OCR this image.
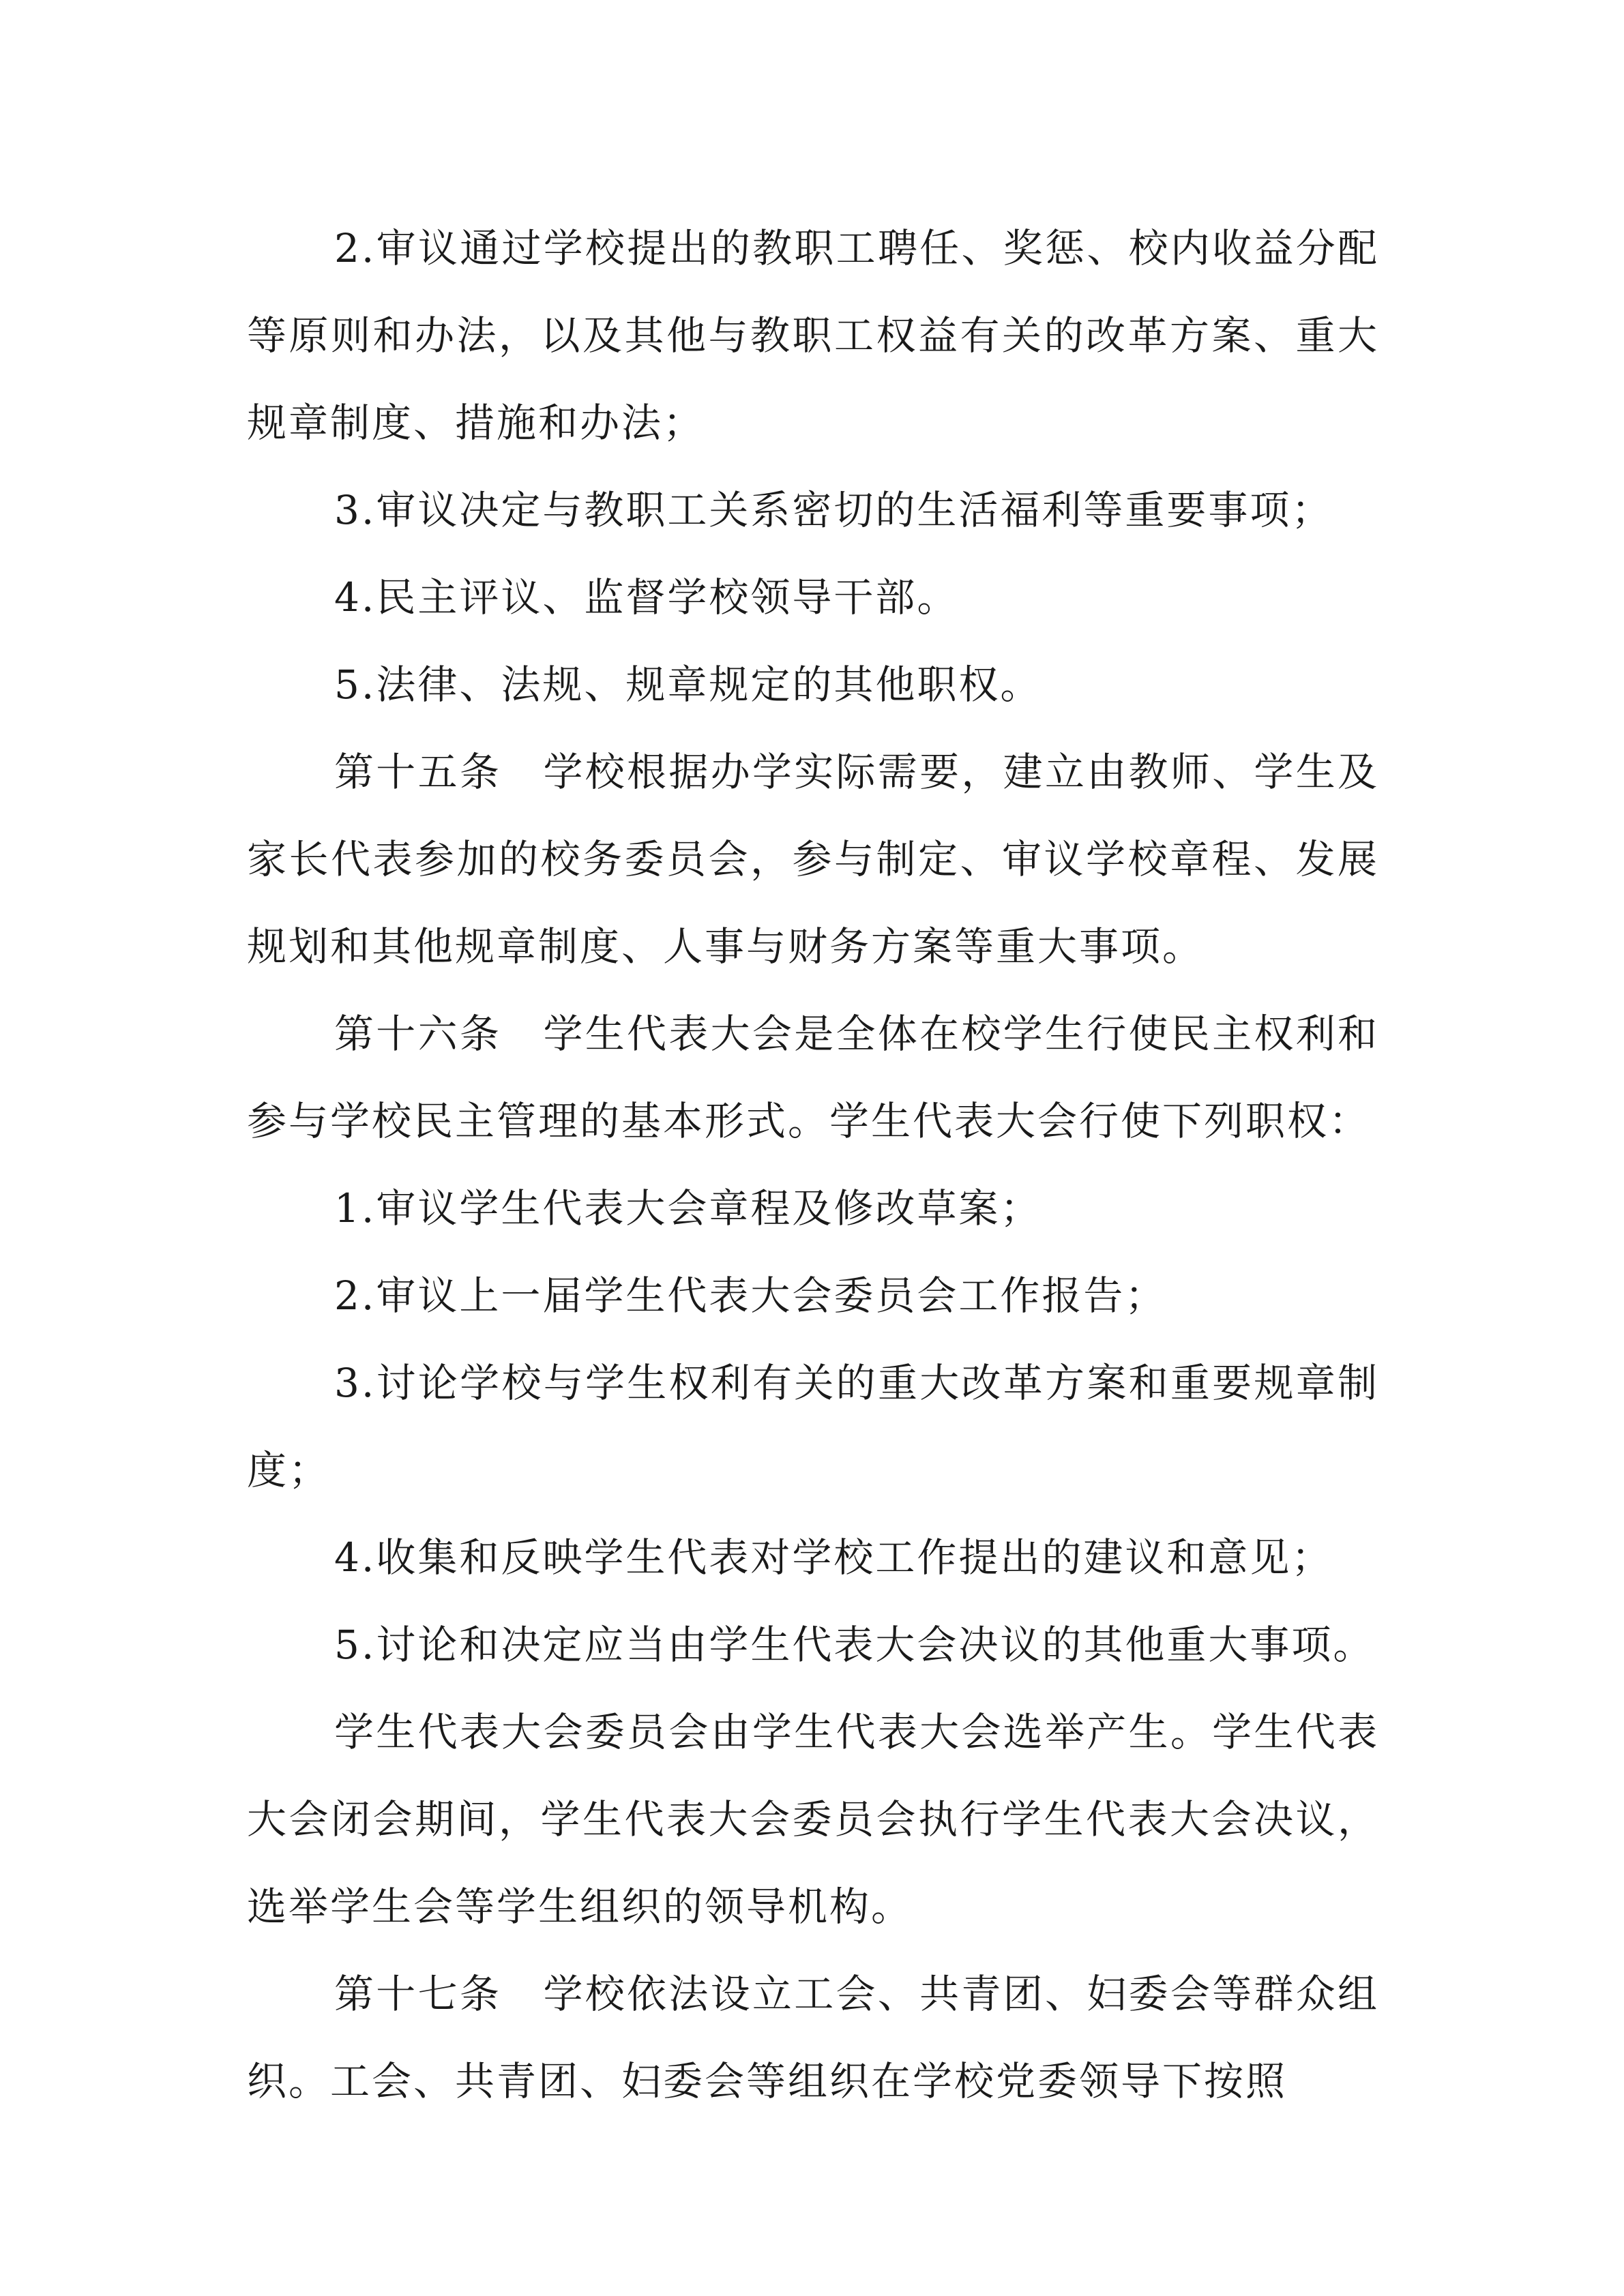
2.审议通过学校提出的教职工聘任、奖惩、校内收益分配等原则和办法，以及其他与教职工权益有关的改革方案、重大规章制度、措施和办法；

3.审议决定与教职工关系密切的生活福利等重要事项；

4.民主评议、监督学校领导干部。

5.法律、法规、规章规定的其他职权。

第十五条　学校根据办学实际需要，建立由教师、学生及家长代表参加的校务委员会，参与制定、审议学校章程、发展规划和其他规章制度、人事与财务方案等重大事项。

第十六条　学生代表大会是全体在校学生行使民主权利和参与学校民主管理的基本形式。学生代表大会行使下列职权：

1.审议学生代表大会章程及修改草案；

2.审议上一届学生代表大会委员会工作报告；

3.讨论学校与学生权利有关的重大改革方案和重要规章制度；

4.收集和反映学生代表对学校工作提出的建议和意见；

5.讨论和决定应当由学生代表大会决议的其他重大事项。

学生代表大会委员会由学生代表大会选举产生。学生代表大会闭会期间，学生代表大会委员会执行学生代表大会决议，选举学生会等学生组织的领导机构。

第十七条　学校依法设立工会、共青团、妇委会等群众组织。工会、共青团、妇委会等组织在学校党委领导下按照
